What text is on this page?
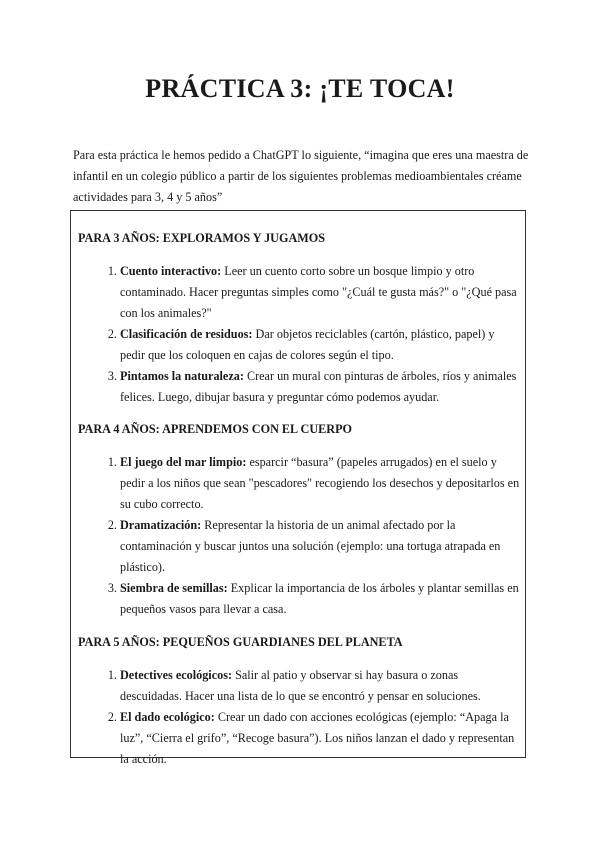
PRÁCTICA 3: ¡TE TOCA!

Para esta práctica le hemos pedido a ChatGPT lo siguiente, “imagina que eres una maestra de infantil en un colegio público a partir de los siguientes problemas medioambientales créame actividades para 3, 4 y 5 años”

PARA 3 AÑOS: EXPLORAMOS Y JUGAMOS

1. Cuento interactivo: Leer un cuento corto sobre un bosque limpio y otro contaminado. Hacer preguntas simples como "¿Cuál te gusta más?" o "¿Qué pasa con los animales?"
2. Clasificación de residuos: Dar objetos reciclables (cartón, plástico, papel) y pedir que los coloquen en cajas de colores según el tipo.
3. Pintamos la naturaleza: Crear un mural con pinturas de árboles, ríos y animales felices. Luego, dibujar basura y preguntar cómo podemos ayudar.

PARA 4 AÑOS: APRENDEMOS CON EL CUERPO

1. El juego del mar limpio: esparcir “basura” (papeles arrugados) en el suelo y pedir a los niños que sean "pescadores" recogiendo los desechos y depositarlos en su cubo correcto.
2. Dramatización: Representar la historia de un animal afectado por la contaminación y buscar juntos una solución (ejemplo: una tortuga atrapada en plástico).
3. Siembra de semillas: Explicar la importancia de los árboles y plantar semillas en pequeños vasos para llevar a casa.

PARA 5 AÑOS: PEQUEÑOS GUARDIANES DEL PLANETA

1. Detectives ecológicos: Salir al patio y observar si hay basura o zonas descuidadas. Hacer una lista de lo que se encontró y pensar en soluciones.
2. El dado ecológico: Crear un dado con acciones ecológicas (ejemplo: “Apaga la luz”, “Cierra el grifo”, “Recoge basura”). Los niños lanzan el dado y representan la acción.
